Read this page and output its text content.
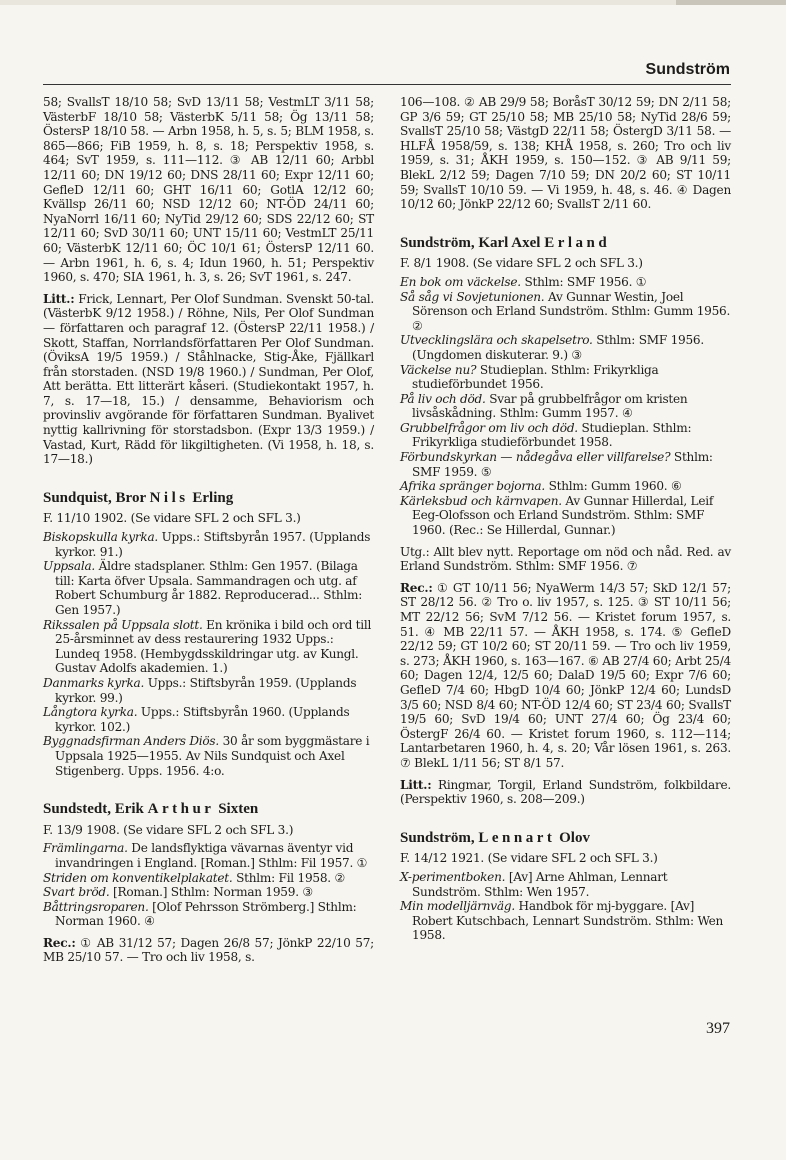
Sundström

58; SvallsT 18/10 58; SvD 13/11 58; VestmLT 3/11 58; VästerbF 18/10 58; VästerbK 5/11 58; Ög 13/11 58; ÖstersP 18/10 58. — Arbn 1958, h. 5, s. 5; BLM 1958, s. 865—866; FiB 1959, h. 8, s. 18; Perspektiv 1958, s. 464; SvT 1959, s. 111—112. ③ AB 12/11 60; Arbbl 12/11 60; DN 19/12 60; DNS 28/11 60; Expr 12/11 60; GefleD 12/11 60; GHT 16/11 60; GotlA 12/12 60; Kvällsp 26/11 60; NSD 12/12 60; NT-ÖD 24/11 60; NyaNorrl 16/11 60; NyTid 29/12 60; SDS 22/12 60; ST 12/11 60; SvD 30/11 60; UNT 15/11 60; VestmLT 25/11 60; VästerbK 12/11 60; ÖC 10/1 61; ÖstersP 12/11 60. — Arbn 1961, h. 6, s. 4; Idun 1960, h. 51; Perspektiv 1960, s. 470; SIA 1961, h. 3, s. 26; SvT 1961, s. 247.

Litt.: Frick, Lennart, Per Olof Sundman. Svenskt 50-tal. (VästerbK 9/12 1958.) / Röhne, Nils, Per Olof Sundman — författaren och paragraf 12. (ÖstersP 22/11 1958.) / Skott, Staffan, Norrlandsförfattaren Per Olof Sundman. (ÖviksA 19/5 1959.) / Ståhlnacke, Stig-Åke, Fjällkarl från storstaden. (NSD 19/8 1960.) / Sundman, Per Olof, Att berätta. Ett litterärt kåseri. (Studiekontakt 1957, h. 7, s. 17—18, 15.) / densamme, Behaviorism och provinsliv avgörande för författaren Sundman. Byalivet nyttig kallrivning för storstadsbon. (Expr 13/3 1959.) / Vastad, Kurt, Rädd för likgiltigheten. (Vi 1958, h. 18, s. 17—18.)

Sundquist, Bror Nils Erling

F. 11/10 1902. (Se vidare SFL 2 och SFL 3.)

Biskopskulla kyrka. Upps.: Stiftsbyrån 1957. (Upplands kyrkor. 91.)

Uppsala. Äldre stadsplaner. Sthlm: Gen 1957. (Bilaga till: Karta öfver Upsala. Sammandragen och utg. af Robert Schumburg år 1882. Reproducerad... Sthlm: Gen 1957.)

Rikssalen på Uppsala slott. En krönika i bild och ord till 25-årsminnet av dess restaurering 1932 Upps.: Lundeq 1958. (Hembygdsskildringar utg. av Kungl. Gustav Adolfs akademien. 1.)

Danmarks kyrka. Upps.: Stiftsbyrån 1959. (Upplands kyrkor. 99.)

Långtora kyrka. Upps.: Stiftsbyrån 1960. (Upplands kyrkor. 102.)

Byggnadsfirman Anders Diös. 30 år som byggmästare i Uppsala 1925—1955. Av Nils Sundquist och Axel Stigenberg. Upps. 1956. 4:o.

Sundstedt, Erik Arthur Sixten

F. 13/9 1908. (Se vidare SFL 2 och SFL 3.)

Främlingarna. De landsflyktiga vävarnas äventyr vid invandringen i England. [Roman.] Sthlm: Fil 1957. ①

Striden om konventikelplakatet. Sthlm: Fil 1958. ②

Svart bröd. [Roman.] Sthlm: Norman 1959. ③

Båttringsroparen. [Olof Pehrsson Strömberg.] Sthlm: Norman 1960. ④

Rec.: ① AB 31/12 57; Dagen 26/8 57; JönkP 22/10 57; MB 25/10 57. — Tro och liv 1958, s.

106—108. ② AB 29/9 58; BoråsT 30/12 59; DN 2/11 58; GP 3/6 59; GT 25/10 58; MB 25/10 58; NyTid 28/6 59; SvallsT 25/10 58; VästgD 22/11 58; ÖstergD 3/11 58. — HLFÅ 1958/59, s. 138; KHÅ 1958, s. 260; Tro och liv 1959, s. 31; ÅKH 1959, s. 150—152. ③ AB 9/11 59; BlekL 2/12 59; Dagen 7/10 59; DN 20/2 60; ST 10/11 59; SvallsT 10/10 59. — Vi 1959, h. 48, s. 46. ④ Dagen 10/12 60; JönkP 22/12 60; SvallsT 2/11 60.

Sundström, Karl Axel Erland

F. 8/1 1908. (Se vidare SFL 2 och SFL 3.)

En bok om väckelse. Sthlm: SMF 1956. ①

Så såg vi Sovjetunionen. Av Gunnar Westin, Joel Sörenson och Erland Sundström. Sthlm: Gumm 1956. ②

Utvecklingslära och skapelsetro. Sthlm: SMF 1956. (Ungdomen diskuterar. 9.) ③

Väckelse nu? Studieplan. Sthlm: Frikyrkliga studieförbundet 1956.

På liv och död. Svar på grubbelfrågor om kristen livsåskådning. Sthlm: Gumm 1957. ④

Grubbelfrågor om liv och död. Studieplan. Sthlm: Frikyrkliga studieförbundet 1958.

Förbundskyrkan — nådegåva eller villfarelse? Sthlm: SMF 1959. ⑤

Afrika spränger bojorna. Sthlm: Gumm 1960. ⑥

Kärleksbud och kärnvapen. Av Gunnar Hillerdal, Leif Eeg-Olofsson och Erland Sundström. Sthlm: SMF 1960. (Rec.: Se Hillerdal, Gunnar.)

Utg.: Allt blev nytt. Reportage om nöd och nåd. Red. av Erland Sundström. Sthlm: SMF 1956. ⑦

Rec.: ① GT 10/11 56; NyaWerm 14/3 57; SkD 12/1 57; ST 28/12 56. ② Tro o. liv 1957, s. 125. ③ ST 10/11 56; MT 22/12 56; SvM 7/12 56. — Kristet forum 1957, s. 51. ④ MB 22/11 57. — ÅKH 1958, s. 174. ⑤ GefleD 22/12 59; GT 10/2 60; ST 20/11 59. — Tro och liv 1959, s. 273; ÅKH 1960, s. 163—167. ⑥ AB 27/4 60; Arbt 25/4 60; Dagen 12/4, 12/5 60; DalaD 19/5 60; Expr 7/6 60; GefleD 7/4 60; HbgD 10/4 60; JönkP 12/4 60; LundsD 3/5 60; NSD 8/4 60; NT-ÖD 12/4 60; ST 23/4 60; SvallsT 19/5 60; SvD 19/4 60; UNT 27/4 60; Ög 23/4 60; ÖstergF 26/4 60. — Kristet forum 1960, s. 112—114; Lantarbetaren 1960, h. 4, s. 20; Vår lösen 1961, s. 263. ⑦ BlekL 1/11 56; ST 8/1 57.

Litt.: Ringmar, Torgil, Erland Sundström, folkbildare. (Perspektiv 1960, s. 208—209.)

Sundström, Lennart Olov

F. 14/12 1921. (Se vidare SFL 2 och SFL 3.)

X-perimentboken. [Av] Arne Ahlman, Lennart Sundström. Sthlm: Wen 1957.

Min modelljärnväg. Handbok för mj-byggare. [Av] Robert Kutschbach, Lennart Sundström. Sthlm: Wen 1958.

397
